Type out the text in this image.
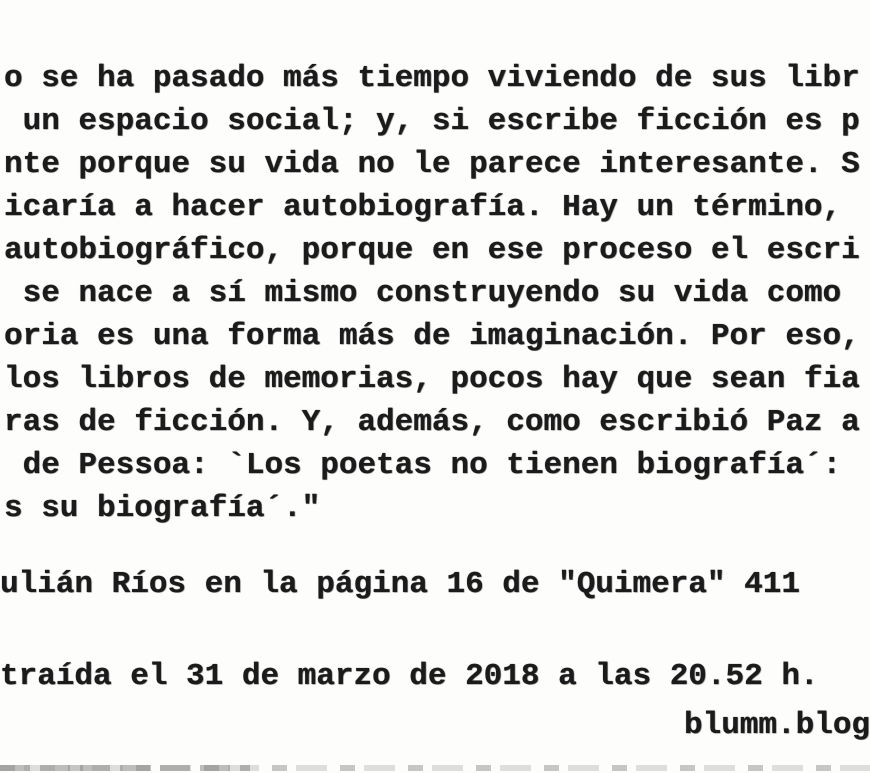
o se ha pasado más tiempo viviendo de sus libr
un espacio social; y, si escribe ficción es p
nte porque su vida no le parece interesante. S
icaría a hacer autobiografía. Hay un término,
autobiográfico, porque en ese proceso el escri
se nace a sí mismo construyendo su vida como
oria es una forma más de imaginación. Por eso,
los libros de memorias, pocos hay que sean fia
ras de ficción. Y, además, como escribió Paz a
de Pessoa: `Los poetas no tienen biografía´:
s su biografía´."
ulián Ríos en la página 16 de "Quimera" 411
traída el 31 de marzo de 2018 a las 20.52 h.
blumm.blog
